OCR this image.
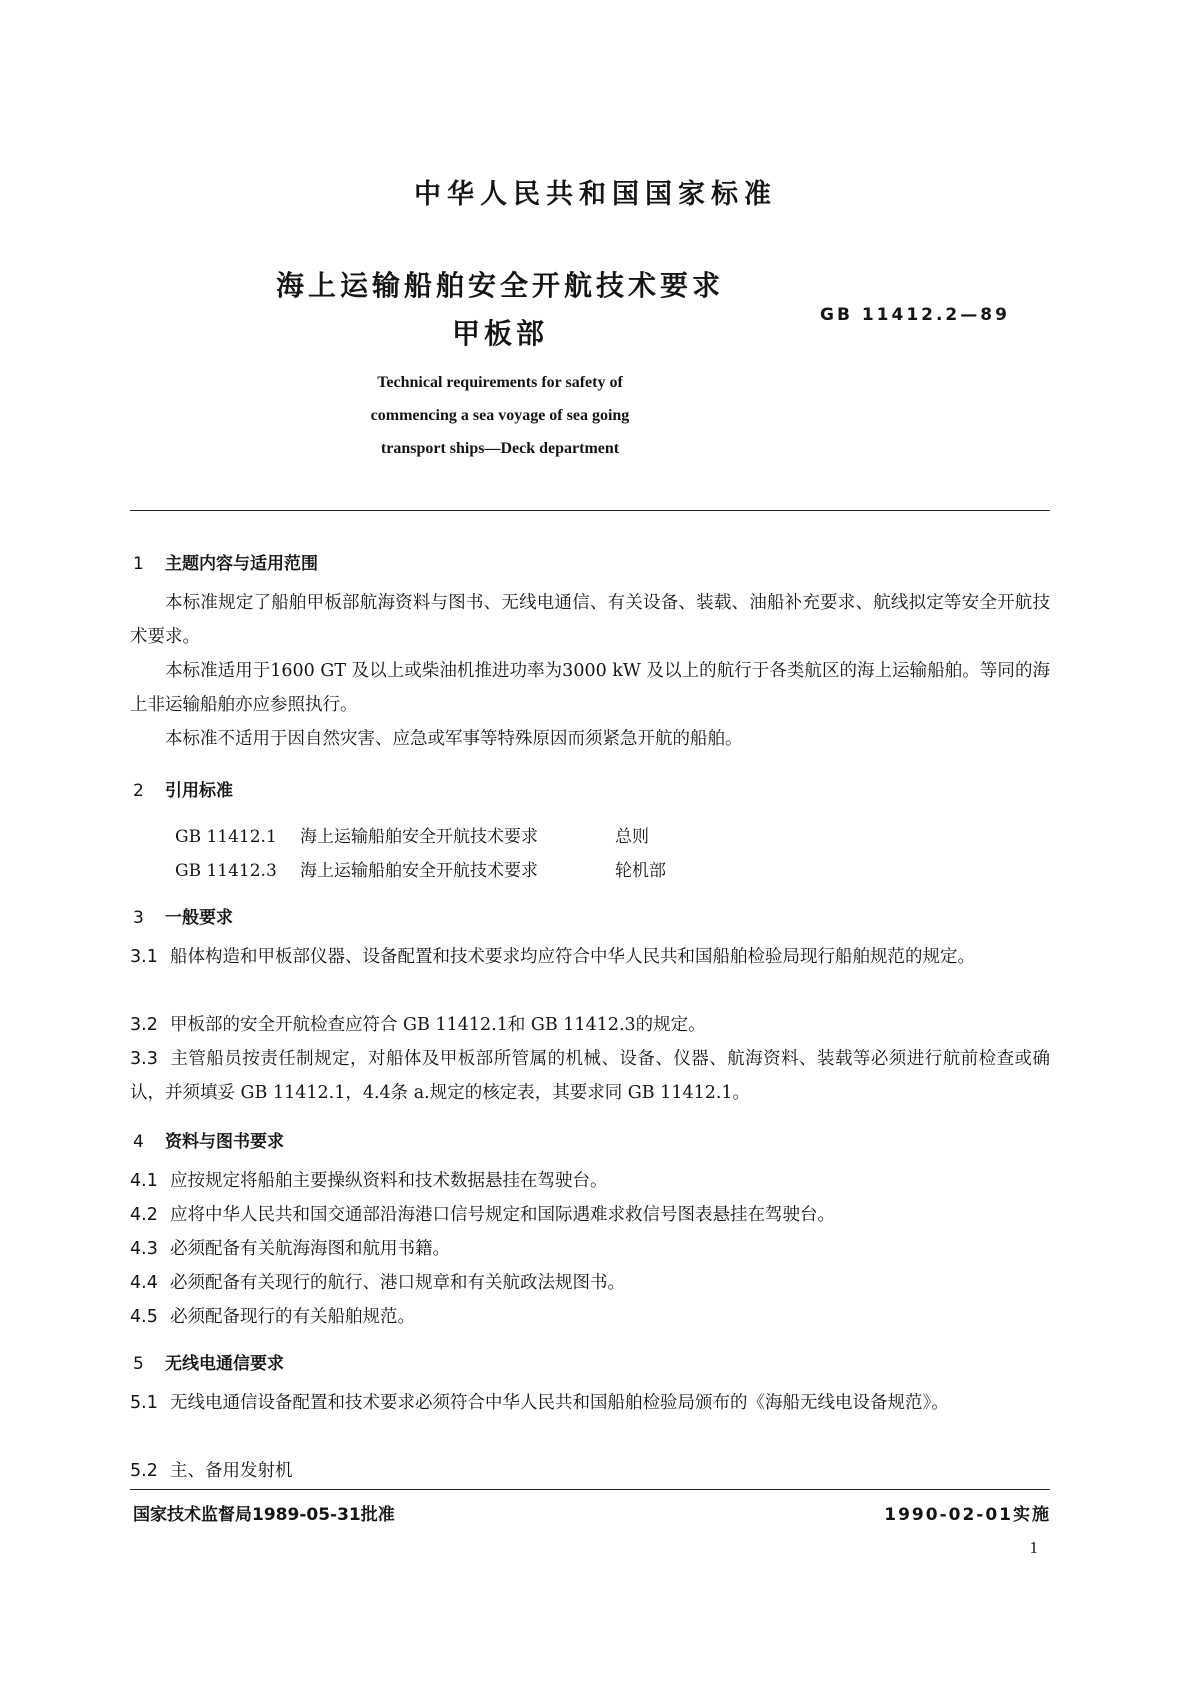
中华人民共和国国家标准
海上运输船舶安全开航技术要求
甲板部
GB 11412.2—89
Technical requirements for safety of
commencing a sea voyage of sea going
transport ships—Deck department
1 主题内容与适用范围
本标准规定了船舶甲板部航海资料与图书、无线电通信、有关设备、装载、油船补充要求、航线拟定等安全开航技术要求。
本标准适用于1600 GT 及以上或柴油机推进功率为3000 kW 及以上的航行于各类航区的海上运输船舶。等同的海上非运输船舶亦应参照执行。
本标准不适用于因自然灾害、应急或军事等特殊原因而须紧急开航的船舶。
2 引用标准
GB 11412.1 海上运输船舶安全开航技术要求	总则
GB 11412.3 海上运输船舶安全开航技术要求	轮机部
3 一般要求
3.1 船体构造和甲板部仪器、设备配置和技术要求均应符合中华人民共和国船舶检验局现行船舶规范的规定。
3.2 甲板部的安全开航检查应符合 GB 11412.1和 GB 11412.3的规定。
3.3 主管船员按责任制规定，对船体及甲板部所管属的机械、设备、仪器、航海资料、装载等必须进行航前检查或确认，并须填妥 GB 11412.1，4.4条 a.规定的核定表，其要求同 GB 11412.1。
4 资料与图书要求
4.1 应按规定将船舶主要操纵资料和技术数据悬挂在驾驶台。
4.2 应将中华人民共和国交通部沿海港口信号规定和国际遇难求救信号图表悬挂在驾驶台。
4.3 必须配备有关航海海图和航用书籍。
4.4 必须配备有关现行的航行、港口规章和有关航政法规图书。
4.5 必须配备现行的有关船舶规范。
5 无线电通信要求
5.1 无线电通信设备配置和技术要求必须符合中华人民共和国船舶检验局颁布的《海船无线电设备规范》。
5.2 主、备用发射机
国家技术监督局1989-05-31批准	1990-02-01实施
1
